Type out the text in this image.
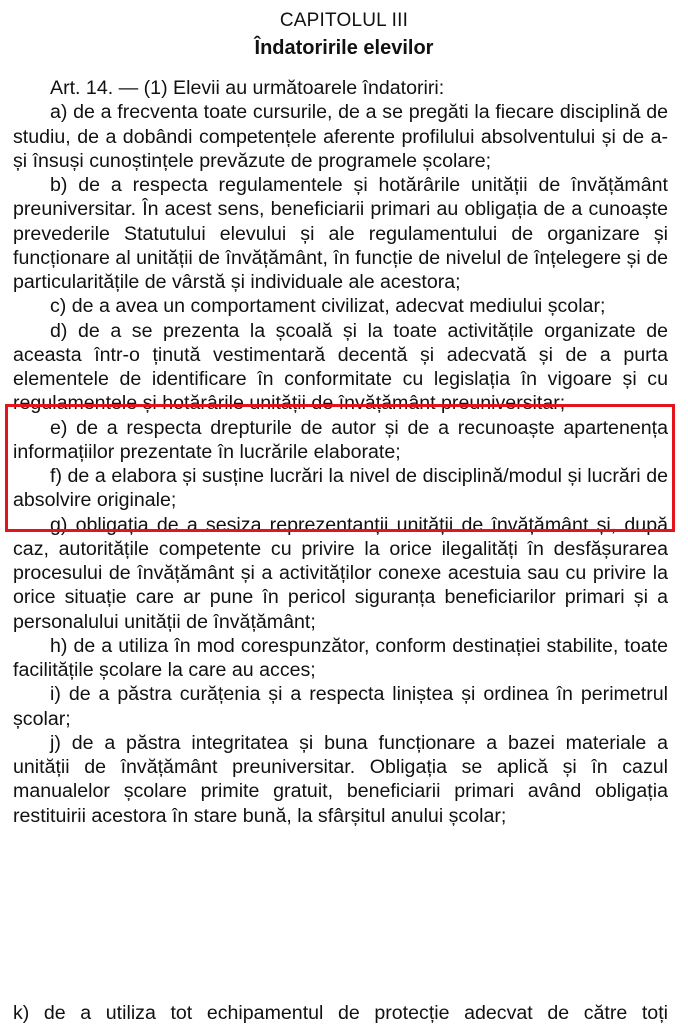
CAPITOLUL III
Îndatoririle elevilor

Art. 14. — (1) Elevii au următoarele îndatoriri:

a) de a frecventa toate cursurile, de a se pregăti la fiecare disciplină de studiu, de a dobândi competențele aferente profilului absolventului și de a-și însuși cunoștințele prevăzute de programele școlare;

b) de a respecta regulamentele și hotărârile unității de învățământ preuniversitar. În acest sens, beneficiarii primari au obligația de a cunoaște prevederile Statutului elevului și ale regulamentului de organizare și funcționare al unității de învățământ, în funcție de nivelul de înțelegere și de particularitățile de vârstă și individuale ale acestora;

c) de a avea un comportament civilizat, adecvat mediului școlar;

d) de a se prezenta la școală și la toate activitățile organizate de aceasta într-o ținută vestimentară decentă și adecvată și de a purta elementele de identificare în conformitate cu legislația în vigoare și cu regulamentele și hotărârile unității de învățământ preuniversitar;

e) de a respecta drepturile de autor și de a recunoaște apartenența informațiilor prezentate în lucrările elaborate;

f) de a elabora și susține lucrări la nivel de disciplină/modul și lucrări de absolvire originale;

g) obligația de a sesiza reprezentanții unității de învățământ și, după caz, autoritățile competente cu privire la orice ilegalități în desfășurarea procesului de învățământ și a activităților conexe acestuia sau cu privire la orice situație care ar pune în pericol siguranța beneficiarilor primari și a personalului unității de învățământ;

h) de a utiliza în mod corespunzător, conform destinației stabilite, toate facilitățile școlare la care au acces;

i) de a păstra curățenia și a respecta liniștea și ordinea în perimetrul școlar;

j) de a păstra integritatea și buna funcționare a bazei materiale a unității de învățământ preuniversitar. Obligația se aplică și în cazul manualelor școlare primite gratuit, beneficiarii primari având obligația restituirii acestora în stare bună, la sfârșitul anului școlar;

k) de a utiliza tot echipamentul de protecție adecvat de către toți
